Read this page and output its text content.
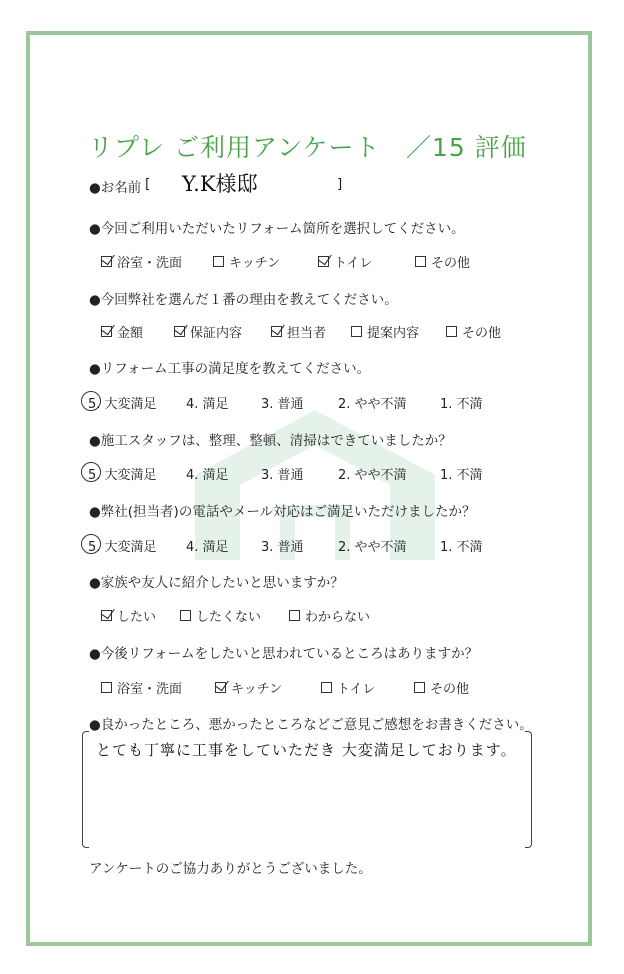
リプレ ご利用アンケート ／15 評価
●お名前 [ Y.K様邸	]
●今回ご利用いただいたリフォーム箇所を選択してください。
浴室・洗面	キッチン	トイレ	その他
●今回弊社を選んだ１番の理由を教えてください。
金額	保証内容	担当者	提案内容	その他
●リフォーム工事の満足度を教えてください。
5. 大変満足 4. 満足 3. 普通	2. やや不満	1. 不満
●施工スタッフは、整理、整頓、清掃はできていましたか？
5. 大変満足 4. 満足 3. 普通	2. やや不満	1. 不満
●弊社(担当者)の電話やメール対応はご満足いただけましたか？
5. 大変満足 4. 満足 3. 普通	2. やや不満	1. 不満
●家族や友人に紹介したいと思いますか？
したい	したくない	わからない
●今後リフォームをしたいと思われているところはありますか？
浴室・洗面	キッチン	トイレ	その他
●良かったところ、悪かったところなどご意見ご感想をお書きください。
とても丁寧に工事をしていただき 大変満足しております。
アンケートのご協力ありがとうございました。
